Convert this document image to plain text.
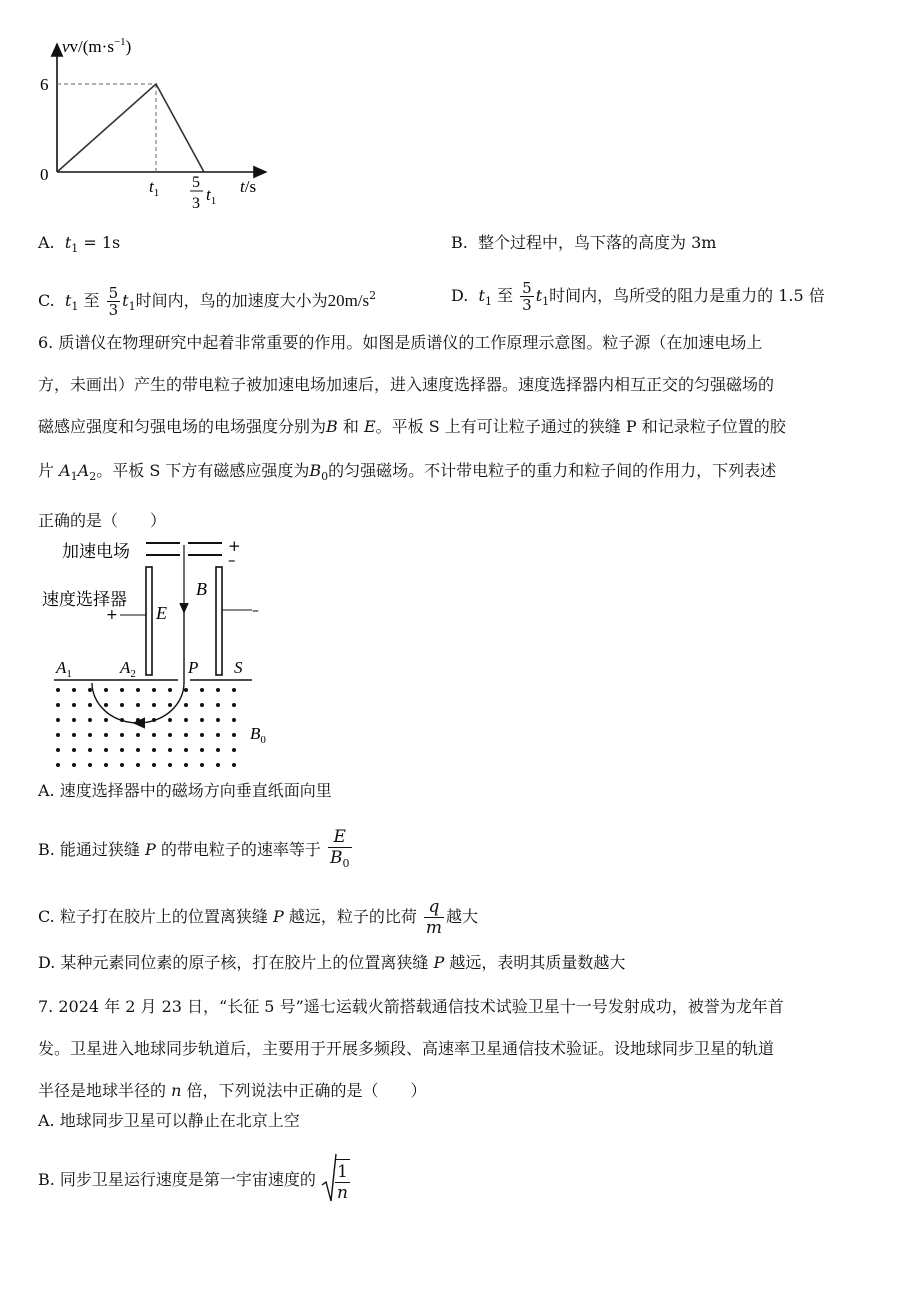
$vv/(m\cdot s^{-1})$
6
0
$t_1$
5
3 $t_1$
t/s
A. $t_1 = 1s$	B. 整个过程中，鸟下落的高度为 3m
C. $t_1$ 至 $\frac{5}{3} t_1$时间内，鸟的加速度大小为$20m/s^2$	D. $t_1$ 至 $\frac{5}{3} t_1$时间内，鸟所受的阻力是重力的 1.5 倍
6. 质谱仪在物理研究中起着非常重要的作用。如图是质谱仪的工作原理示意图。粒子源（在加速电场上
方，未画出）产生的带电粒子被加速电场加速后，进入速度选择器。速度选择器内相互正交的匀强磁场的
磁感应强度和匀强电场的电场强度分别为B 和 E。平板 S 上有可让粒子通过的狭缝 P 和记录粒子位置的胶
片 $A_1A_2$。平板 S 下方有磁感应强度为$B_0$的匀强磁场。不计带电粒子的重力和粒子间的作用力，下列表述
正确的是（　　）
加速电场	+
–
速度选择器
+	–
E
B
$A_1$	$A_2$	P S
$B_0$
A. 速度选择器中的磁场方向垂直纸面向里
B. 能通过狭缝 P 的带电粒子的速率等于 $\frac{E}{B_0}$
C. 粒子打在胶片上的位置离狭缝 P 越远，粒子的比荷 $\frac{q}{m}$ 越大
D. 某种元素同位素的原子核，打在胶片上的位置离狭缝 P 越远，表明其质量数越大
7. 2024 年 2 月 23 日，“长征 5 号”遥七运载火箭搭载通信技术试验卫星十一号发射成功，被誉为龙年首
发。卫星进入地球同步轨道后，主要用于开展多频段、高速率卫星通信技术验证。设地球同步卫星的轨道
半径是地球半径的 n 倍，下列说法中正确的是（　　）
A. 地球同步卫星可以静止在北京上空
B. 同步卫星运行速度是第一宇宙速度的 $\frac{1}{n}$
